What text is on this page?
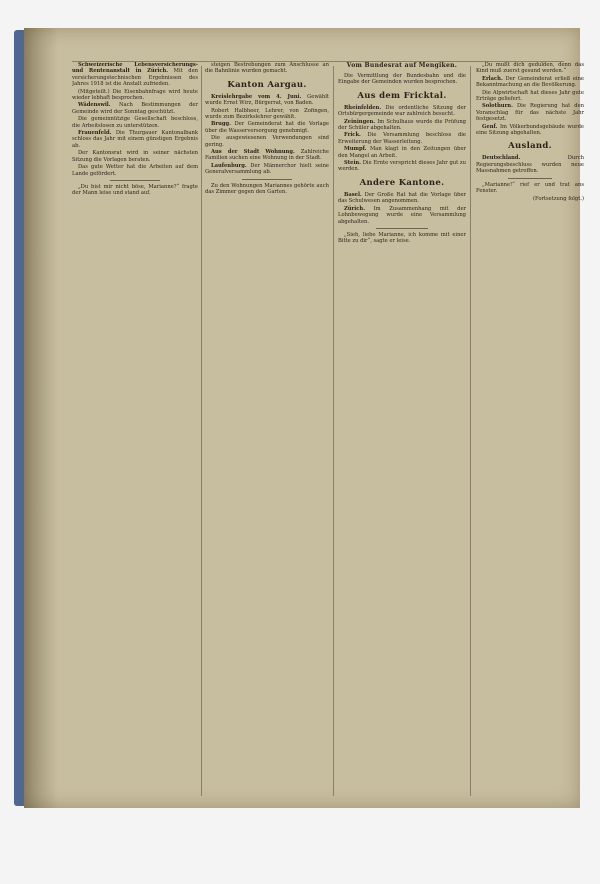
Schweizerische Lebensversicherungs- und Rentenanstalt in Zürich. Mit den versicherungstechnischen Ergebnissen des Jahres 1918 ist die Anstalt zufrieden.

(Mitgeteilt.) Die Eisenbahnfrage wird heute wieder lebhaft besprochen.

Wädenswil. Nach Bestimmungen der Gemeinde wird der Sonntag geschützt.

Die gemeinnützige Gesellschaft beschloss, die Arbeitslosen zu unterstützen.

Frauenfeld. Die Thurgauer Kantonalbank schloss das Jahr mit einem günstigen Ergebnis ab.

Der Kantonsrat wird in seiner nächsten Sitzung die Vorlagen beraten.

Das gute Wetter hat die Arbeiten auf dem Lande gefördert.

„Du bist mir nicht böse, Marianne?“ fragte der Mann leise und stand auf.

steigen Bestrebungen zum Anschlusse an die Bahnlinie wurden gemacht.

Kanton Aargau.

Kreislehrgabe vom 4. Juni. Gewählt wurde Ernst Wirz, Bürgerrat, von Baden.

Robert Halbheer, Lehrer, von Zofingen, wurde zum Bezirkslehrer gewählt.

Brugg. Der Gemeinderat hat die Vorlage über die Wasserversorgung genehmigt.

Die ausgewiesenen Verwendungen sind gering.

Aus der Stadt Wohnung. Zahlreiche Familien suchen eine Wohnung in der Stadt.

Laufenburg. Der Männerchor hielt seine Generalversammlung ab.

Zu den Wohnungen Mariannes gehörte auch das Zimmer gegen den Garten.

Vom Bundesrat auf Mengiken.

Die Vermittlung der Bundesbahn und die Eingabe der Gemeinden wurden besprochen.

Aus dem Fricktal.

Rheinfelden. Die ordentliche Sitzung der Ortsbürgergemeinde war zahlreich besucht.

Zeiningen. Im Schulhaus wurde die Prüfung der Schüler abgehalten.

Frick. Die Versammlung beschloss die Erweiterung der Wasserleitung.

Mumpf. Man klagt in den Zeitungen über den Mangel an Arbeit.

Stein. Die Ernte verspricht dieses Jahr gut zu werden.

Andere Kantone.

Basel. Der Große Rat hat die Vorlage über das Schulwesen angenommen.

Zürich. Im Zusammenhang mit der Lohnbewegung wurde eine Versammlung abgehalten.

„Sieh, liebe Marianne, ich komme mit einer Bitte zu dir“, sagte er leise.

„Du mußt dich gedulden, denn das Kind muß zuerst gesund werden.“

Erlach. Der Gemeinderat erließ eine Bekanntmachung an die Bevölkerung.

Die Alpwirtschaft hat dieses Jahr gute Erträge geliefert.

Solothurn. Die Regierung hat den Voranschlag für das nächste Jahr festgesetzt.

Genf. Im Völkerbundsgebäude wurde eine Sitzung abgehalten.

Ausland.

Deutschland.	Durch Regierungsbeschluss wurden neue Massnahmen getroffen.

„Marianne!“ rief er und trat ans Fenster.

(Fortsetzung folgt.)
